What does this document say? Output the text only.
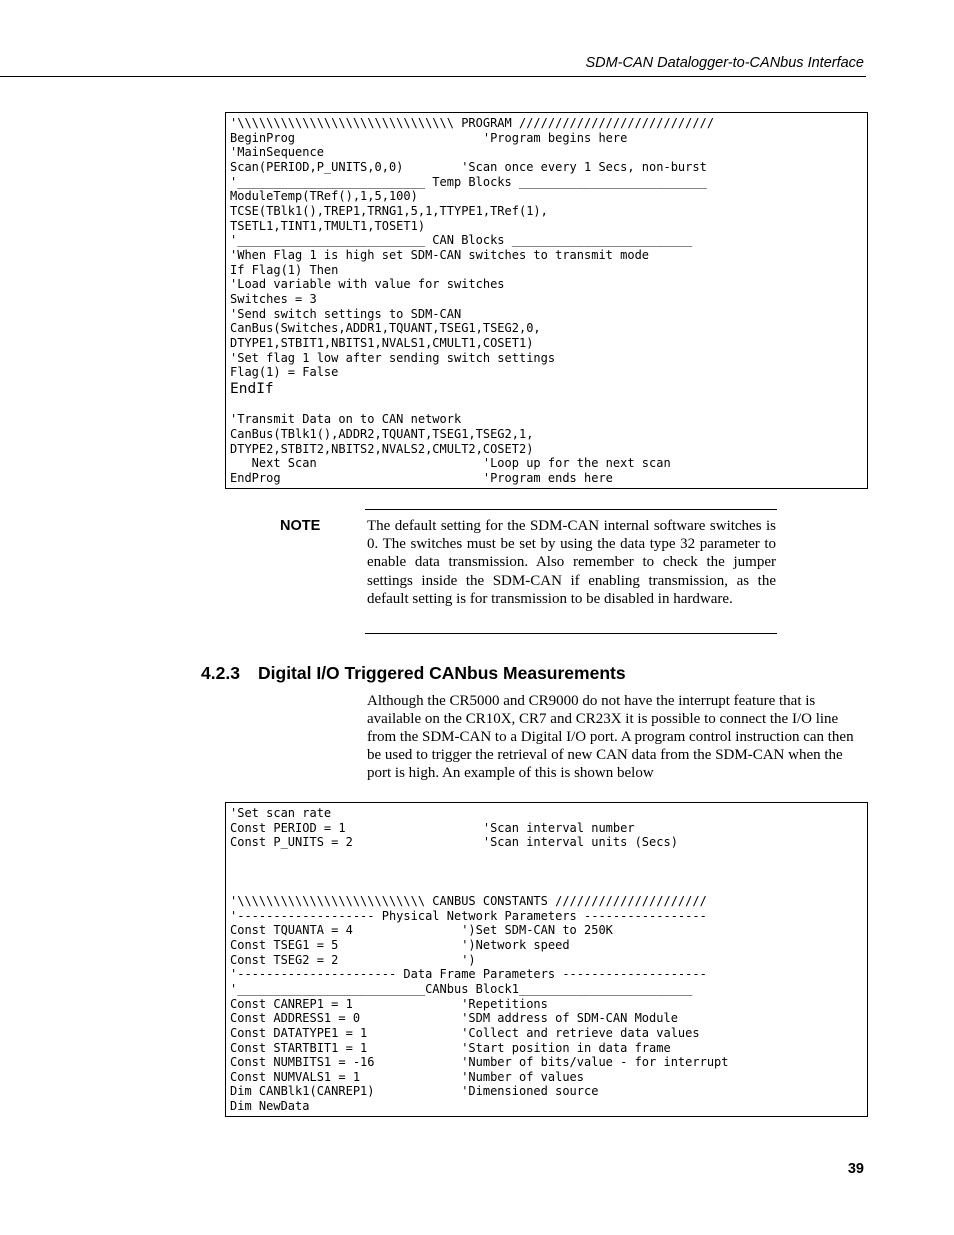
SDM-CAN Datalogger-to-CANbus Interface
'\\\\\\\\\\\\\\\\\\\\\\\\\\\\\\ PROGRAM ///////////////////////////
BeginProg                          'Program begins here
'MainSequence
Scan(PERIOD,P_UNITS,0,0)        'Scan once every 1 Secs, non-burst
'__________________________ Temp Blocks __________________________
ModuleTemp(TRef(),1,5,100)
TCSE(TBlk1(),TREP1,TRNG1,5,1,TTYPE1,TRef(1),
TSETL1,TINT1,TMULT1,TOSET1)
'__________________________ CAN Blocks _________________________
'When Flag 1 is high set SDM-CAN switches to transmit mode
If Flag(1) Then
'Load variable with value for switches
Switches = 3
'Send switch settings to SDM-CAN
CanBus(Switches,ADDR1,TQUANT,TSEG1,TSEG2,0,
DTYPE1,STBIT1,NBITS1,NVALS1,CMULT1,COSET1)
'Set flag 1 low after sending switch settings
Flag(1) = False
EndIf

'Transmit Data on to CAN network
CanBus(TBlk1(),ADDR2,TQUANT,TSEG1,TSEG2,1,
DTYPE2,STBIT2,NBITS2,NVALS2,CMULT2,COSET2)
Next Scan                       'Loop up for the next scan
EndProg                            'Program ends here
NOTE	The default setting for the SDM-CAN internal software switches is 0. The switches must be set by using the data type 32 parameter to enable data transmission. Also remember to check the jumper settings inside the SDM-CAN if enabling transmission, as the default setting is for transmission to be disabled in hardware.

4.2.3 Digital I/O Triggered CANbus Measurements

Although the CR5000 and CR9000 do not have the interrupt feature that is available on the CR10X, CR7 and CR23X it is possible to connect the I/O line from the SDM-CAN to a Digital I/O port. A program control instruction can then be used to trigger the retrieval of new CAN data from the SDM-CAN when the port is high. An example of this is shown below

'Set scan rate
Const PERIOD = 1                   'Scan interval number
Const P_UNITS = 2                  'Scan interval units (Secs)

'\\\\\\\\\\\\\\\\\\\\\\\\\\ CANBUS CONSTANTS /////////////////////
'------------------- Physical Network Parameters -----------------
Const TQUANTA = 4               ')Set SDM-CAN to 250K
Const TSEG1 = 5                 ')Network speed
Const TSEG2 = 2                 ')
'---------------------- Data Frame Parameters --------------------
'__________________________CANbus Block1________________________
Const CANREP1 = 1               'Repetitions
Const ADDRESS1 = 0              'SDM address of SDM-CAN Module
Const DATATYPE1 = 1             'Collect and retrieve data values
Const STARTBIT1 = 1             'Start position in data frame
Const NUMBITS1 = -16            'Number of bits/value - for interrupt
Const NUMVALS1 = 1              'Number of values
Dim CANBlk1(CANREP1)            'Dimensioned source
Dim NewData
39
